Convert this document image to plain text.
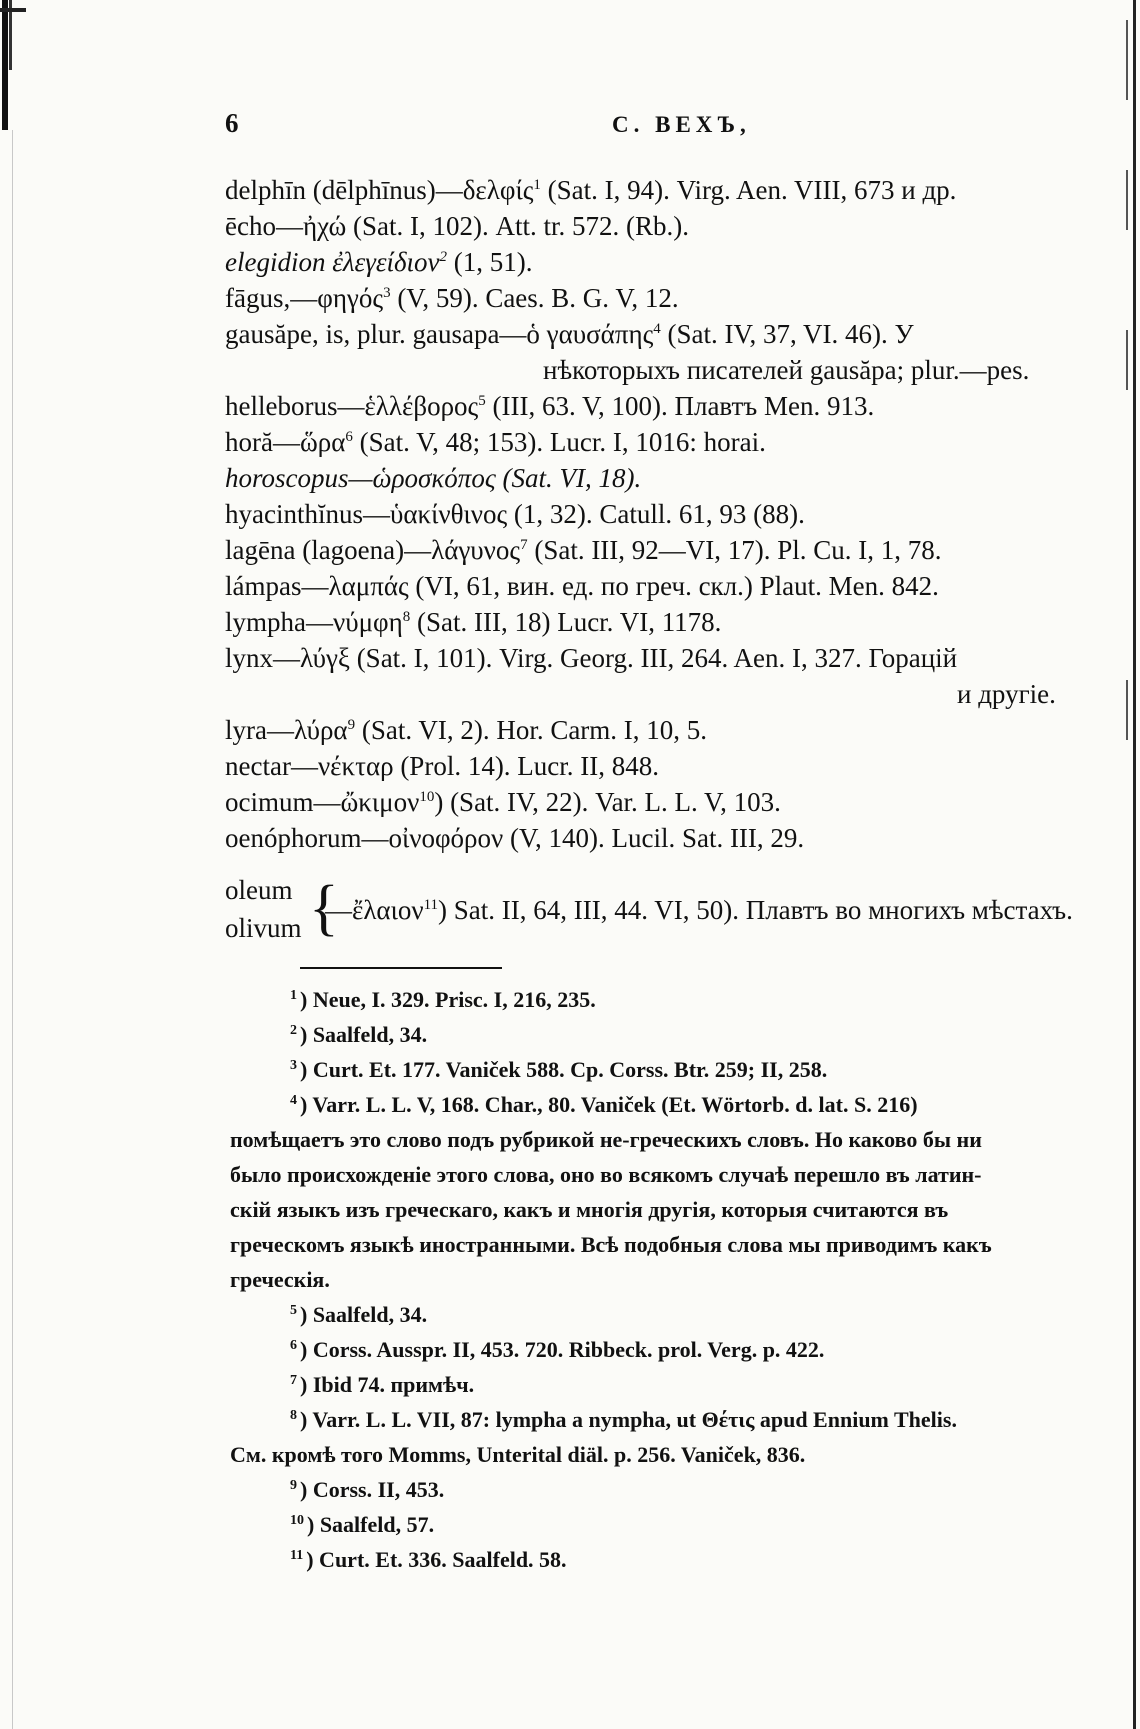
6	С. ВЕХЪ,
delphīn (dēlphīnus)—δελφίς$^1$ (Sat. I, 94). Virg. Aen. VIII, 673 и др.
ēcho—ἠχώ (Sat. I, 102). Att. tr. 572. (Rb.).
elegidion ἐλεγείδιον$^2$ (1, 51).
fāgus,—φηγός$^3$ (V, 59). Caes. B. G. V, 12.
gausăpe, is, plur. gausapa—ὁ γαυσάπης$^4$ (Sat. IV, 37, VI. 46). У
нѣкоторыхъ писателей gausăpa; plur.—pes.
helleborus—ἑλλέβορος$^5$ (III, 63. V, 100). Плавтъ Men. 913.
horă—ὥρα$^6$ (Sat. V, 48; 153). Lucr. I, 1016: horai.
horoscopus—ὡροσκόπος (Sat. VI, 18).
hyacinthĭnus—ὑακίνθινος (1, 32). Catull. 61, 93 (88).
lagēna (lagoena)—λάγυνος$^7$ (Sat. III, 92—VI, 17). Pl. Cu. I, 1, 78.
lámpas—λαμπάς (VI, 61, вин. ед. по греч. скл.) Plaut. Men. 842.
lympha—νύμφη$^8$ (Sat. III, 18) Lucr. VI, 1178.
lynx—λύγξ (Sat. I, 101). Virg. Georg. III, 264. Aen. I, 327. Горацій
и другіе.
lyra—λύρα$^9$ (Sat. VI, 2). Hor. Carm. I, 10, 5.
nectar—νέκταρ (Prol. 14). Lucr. II, 848.
ocimum—ὤκιμον$^{10}$) (Sat. IV, 22). Var. L. L. V, 103.
oenóphorum—οἰνοφόρον (V, 140). Lucil. Sat. III, 29.
oleum
olivum {
—ἔλαιον$^{11}$) Sat. II, 64, III, 44. VI, 50). Плавтъ во многихъ мѣстахъ.
1 ) Neue, I. 329. Prisc. I, 216, 235.
2 ) Saalfeld, 34.
3 ) Curt. Et. 177. Vaniček 588. Cp. Corss. Btr. 259; II, 258.
4 ) Varr. L. L. V, 168. Char., 80. Vaniček (Et. Wörtorb. d. lat. S. 216)
помѣщаетъ это слово подъ рубрикой не-греческихъ словъ. Но каково бы ни
было происхожденіе этого слова, оно во всякомъ случаѣ перешло въ латин-
скій языкъ изъ греческаго, какъ и многія другія, которыя считаются въ
греческомъ языкѣ иностранными. Всѣ подобныя слова мы приводимъ какъ
греческія.
5 ) Saalfeld, 34.
6 ) Corss. Ausspr. II, 453. 720. Ribbeck. prol. Verg. p. 422.
7 ) Ibid 74. примѣч.
8 ) Varr. L. L. VII, 87: lympha a nympha, ut Θέτις apud Ennium Thelis.
См. кромѣ того Momms, Unterital diäl. p. 256. Vaniček, 836.
9 ) Corss. II, 453.
10 ) Saalfeld, 57.
11 ) Curt. Et. 336. Saalfeld. 58.
